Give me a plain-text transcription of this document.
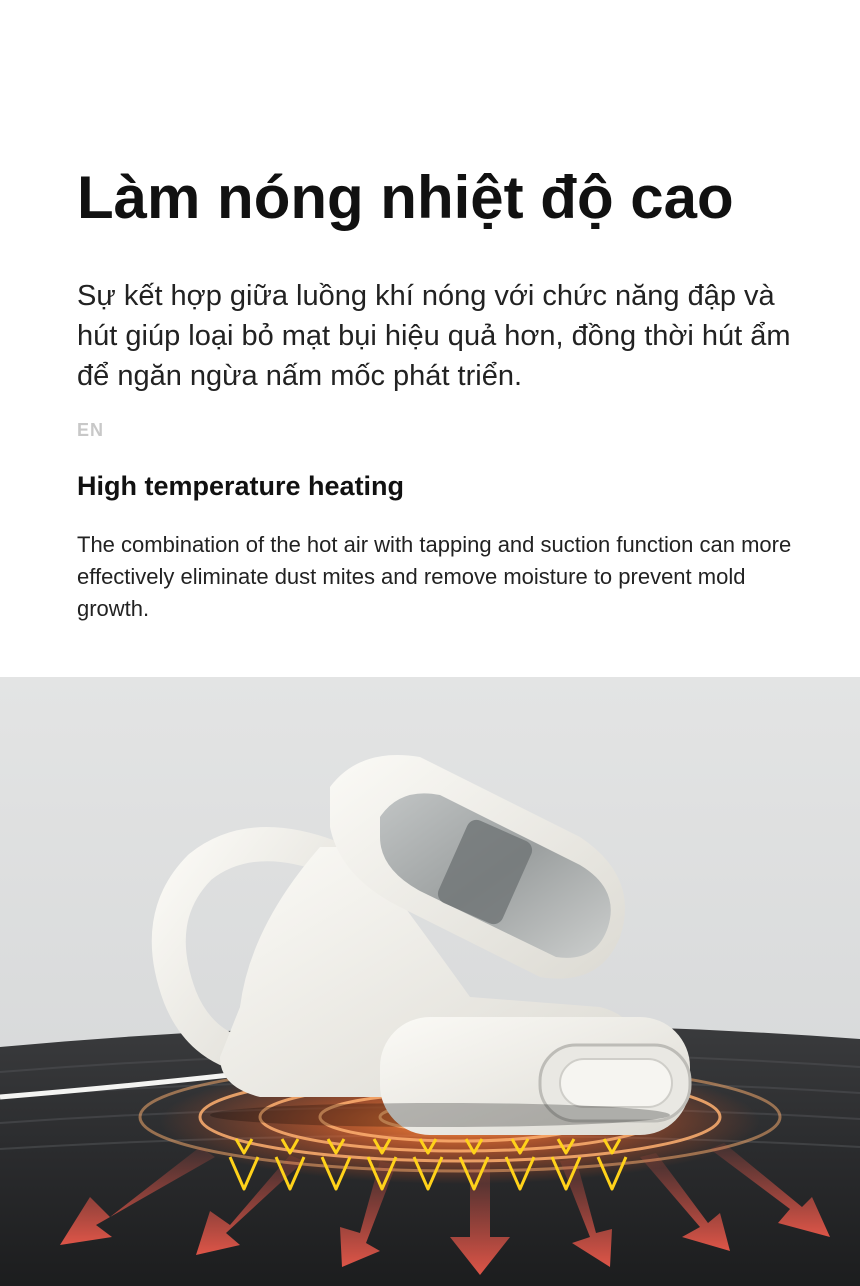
Làm nóng nhiệt độ cao

Sự kết hợp giữa luồng khí nóng với chức năng đập và hút giúp loại bỏ mạt bụi hiệu quả hơn, đồng thời hút ẩm để ngăn ngừa nấm mốc phát triển.

EN
High temperature heating

The combination of the hot air with tapping and suction function can more effectively eliminate dust mites and remove moisture to prevent mold growth.
